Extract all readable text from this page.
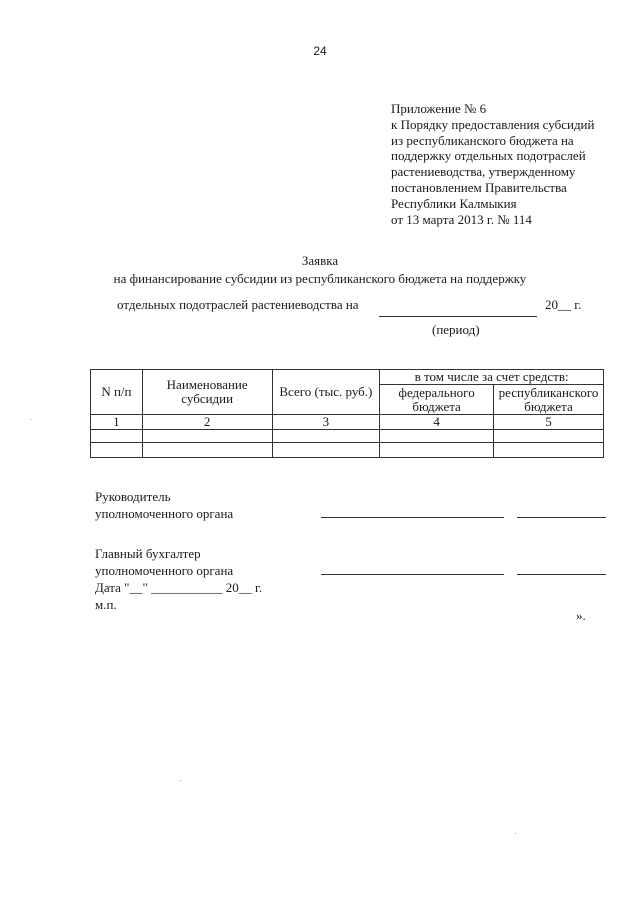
24
Приложение № 6
к Порядку предоставления субсидий
из республиканского бюджета на
поддержку отдельных подотраслей
растениеводства, утвержденному
постановлением Правительства
Республики Калмыкия
от 13 марта 2013 г. № 114
Заявка
на финансирование субсидии из республиканского бюджета на поддержку
отдельных подотраслей растениеводства на	20__ г.
(период)
N п/п	Наименование субсидии	Всего (тыс. руб.)	в том числе за счет средств:	
			федерального бюджета	республиканского бюджета
1	2	3	4	5

Руководитель
уполномоченного органа
Главный бухгалтер
уполномоченного органа
Дата "__" ___________ 20__ г.
м.п.
».
